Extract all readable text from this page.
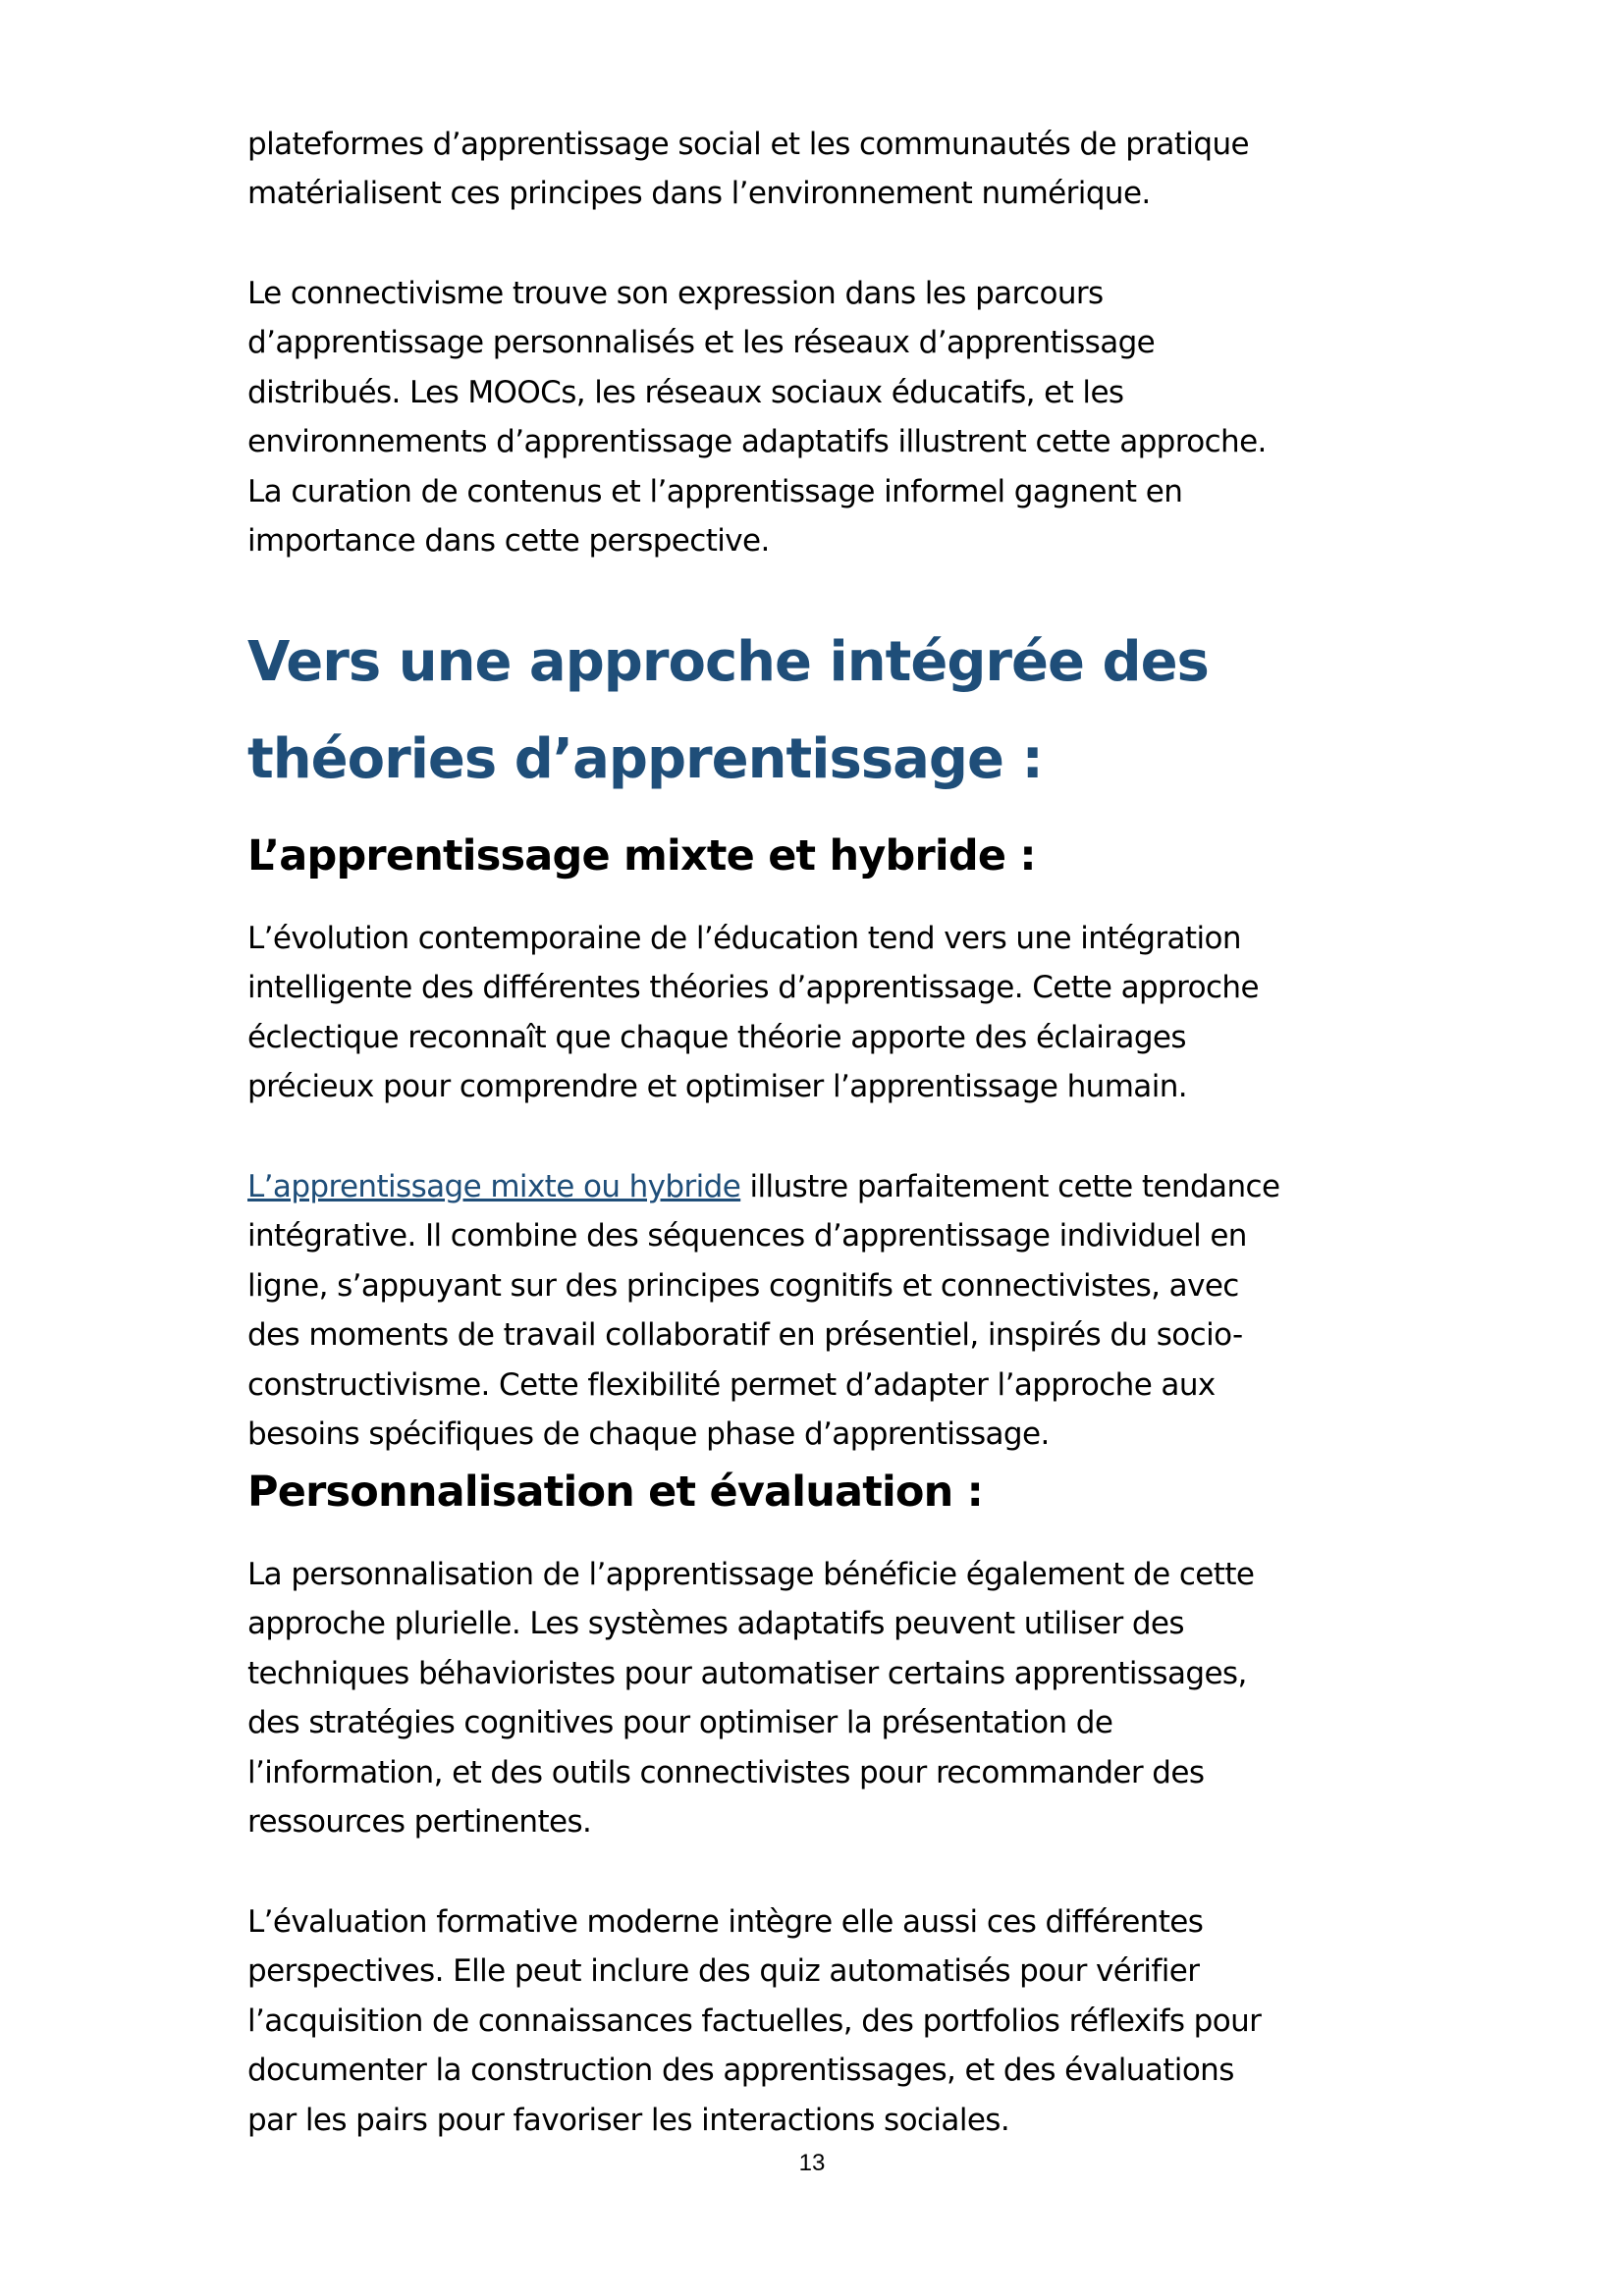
plateformes d’apprentissage social et les communautés de pratique
matérialisent ces principes dans l’environnement numérique.
Le connectivisme trouve son expression dans les parcours
d’apprentissage personnalisés et les réseaux d’apprentissage
distribués. Les MOOCs, les réseaux sociaux éducatifs, et les
environnements d’apprentissage adaptatifs illustrent cette approche.
La curation de contenus et l’apprentissage informel gagnent en
importance dans cette perspective.
Vers une approche intégrée des
théories d’apprentissage :
L’apprentissage mixte et hybride :
L’évolution contemporaine de l’éducation tend vers une intégration
intelligente des différentes théories d’apprentissage. Cette approche
éclectique reconnaît que chaque théorie apporte des éclairages
précieux pour comprendre et optimiser l’apprentissage humain.
L’apprentissage mixte ou hybride illustre parfaitement cette tendance
intégrative. Il combine des séquences d’apprentissage individuel en
ligne, s’appuyant sur des principes cognitifs et connectivistes, avec
des moments de travail collaboratif en présentiel, inspirés du socio-
constructivisme. Cette flexibilité permet d’adapter l’approche aux
besoins spécifiques de chaque phase d’apprentissage.
Personnalisation et évaluation :
La personnalisation de l’apprentissage bénéficie également de cette
approche plurielle. Les systèmes adaptatifs peuvent utiliser des
techniques béhavioristes pour automatiser certains apprentissages,
des stratégies cognitives pour optimiser la présentation de
l’information, et des outils connectivistes pour recommander des
ressources pertinentes.
L’évaluation formative moderne intègre elle aussi ces différentes
perspectives. Elle peut inclure des quiz automatisés pour vérifier
l’acquisition de connaissances factuelles, des portfolios réflexifs pour
documenter la construction des apprentissages, et des évaluations
par les pairs pour favoriser les interactions sociales.
13
